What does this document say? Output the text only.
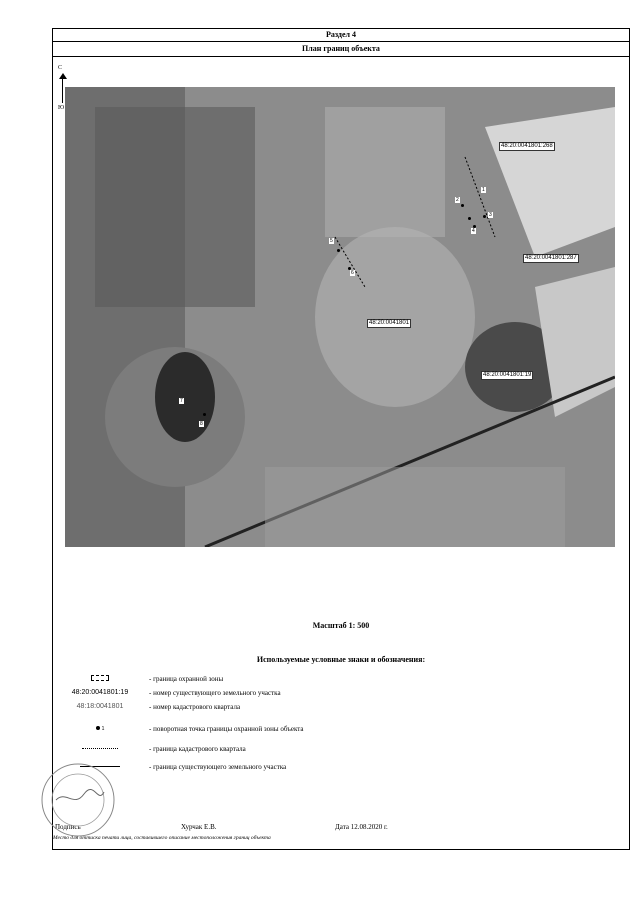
Раздел 4
План границ объекта
С
Ю
48:20:0041801:268
48:20:0041801:287
48:20:0041801
48:20:0041801:19
1
2
3
4
5
6
7
8
Масштаб 1: 500
Используемые условные знаки и обозначения:
- граница охранной зоны
48:20:0041801:19	- номер существующего земельного участка
48:18:0041801	- номер кадастрового квартала
1	- поворотная точка границы охранной зоны объекта
- граница кадастрового квартала
- граница существующего земельного участка
Подпись	Хурчак Е.В.	Дата 12.08.2020 г.
Место для оттиска печати лица, составившего описание местоположения границ объекта
